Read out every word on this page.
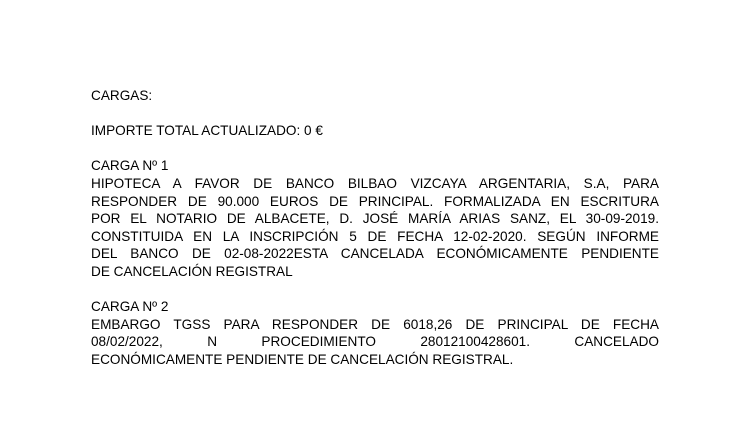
CARGAS:
IMPORTE TOTAL ACTUALIZADO: 0 €
CARGA Nº 1
HIPOTECA A FAVOR DE BANCO BILBAO VIZCAYA ARGENTARIA, S.A, PARA
RESPONDER DE 90.000 EUROS DE PRINCIPAL. FORMALIZADA EN ESCRITURA
POR EL NOTARIO DE ALBACETE, D. JOSÉ MARÍA ARIAS SANZ, EL 30-09-2019.
CONSTITUIDA EN LA INSCRIPCIÓN 5 DE FECHA 12-02-2020. SEGÚN INFORME
DEL BANCO DE 02-08-2022ESTA CANCELADA ECONÓMICAMENTE PENDIENTE
DE CANCELACIÓN REGISTRAL
CARGA Nº 2
EMBARGO TGSS PARA RESPONDER DE 6018,26 DE PRINCIPAL DE FECHA
08/02/2022, N PROCEDIMIENTO 28012100428601. CANCELADO
ECONÓMICAMENTE PENDIENTE DE CANCELACIÓN REGISTRAL.
